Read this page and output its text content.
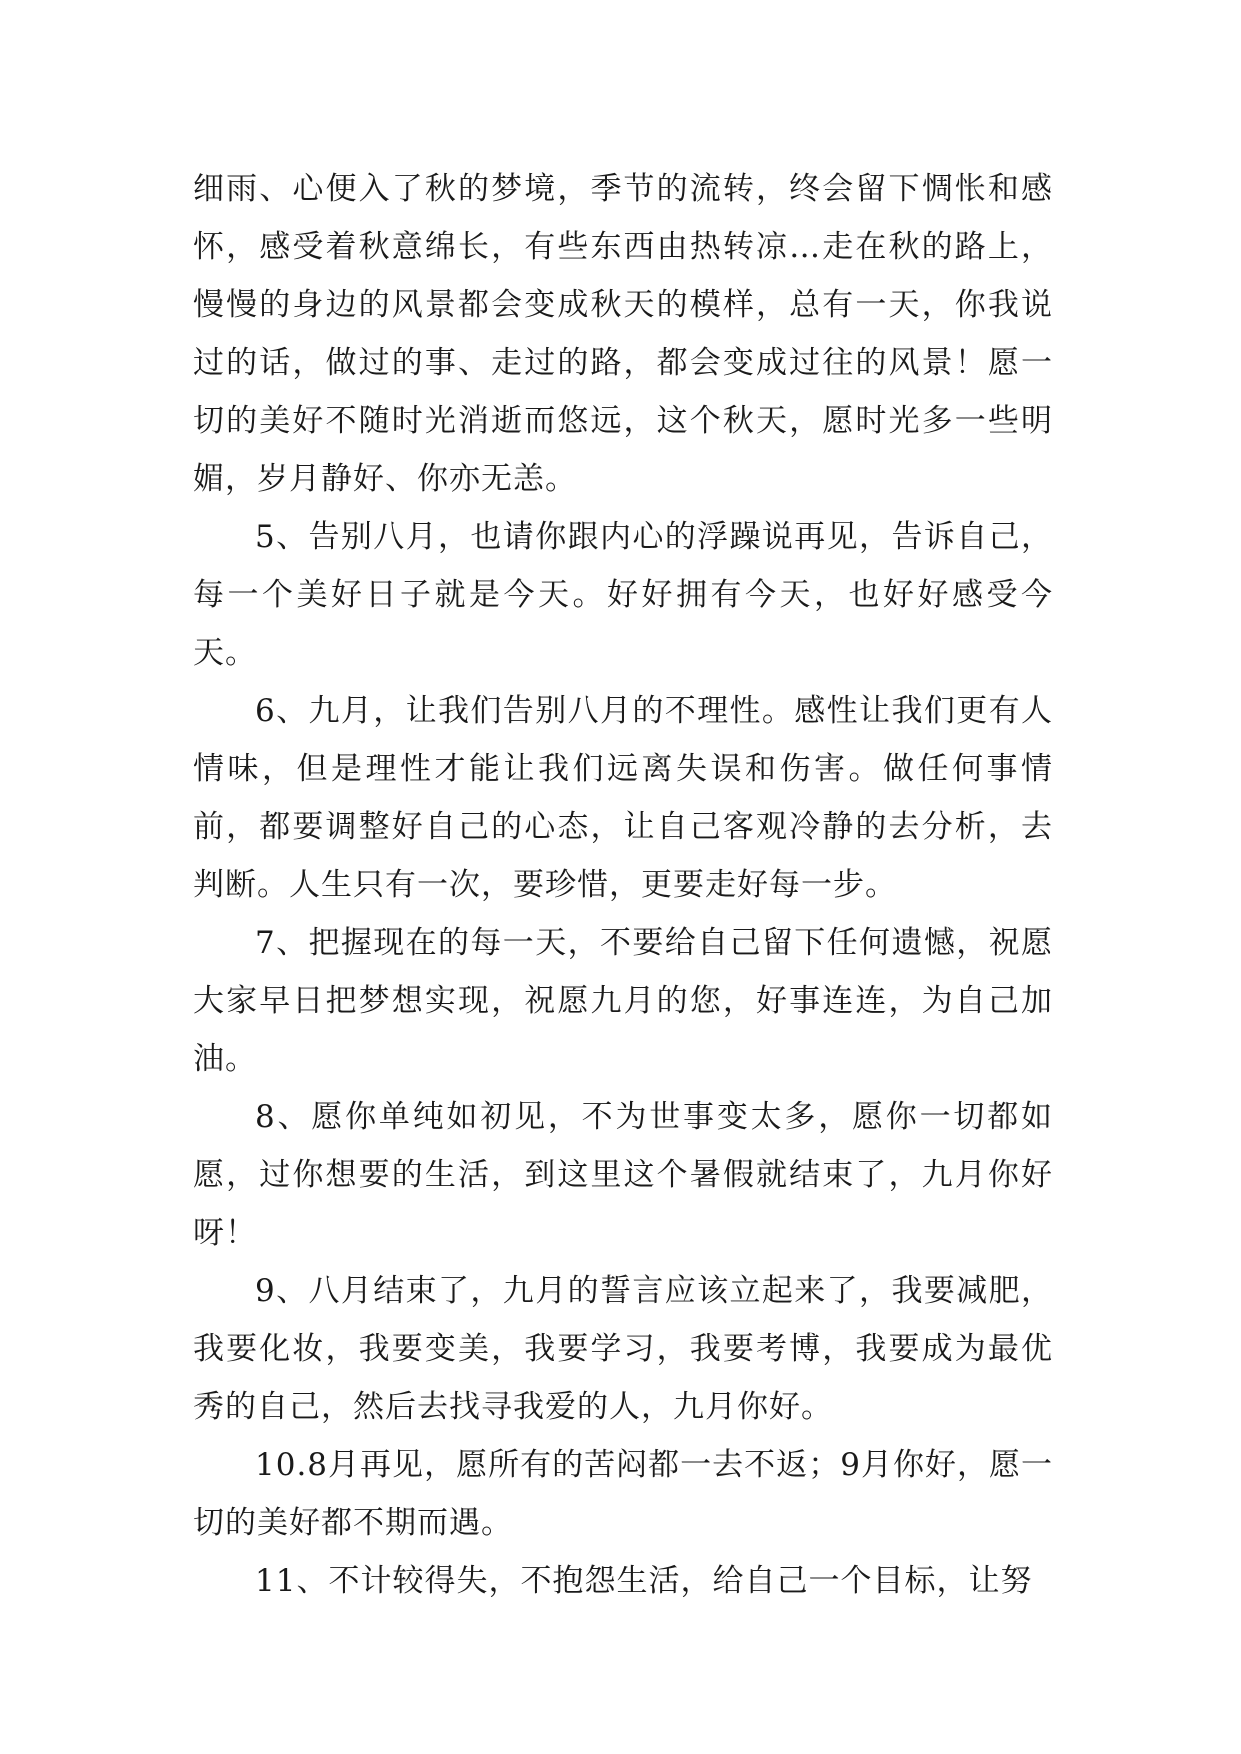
细雨、心便入了秋的梦境，季节的流转，终会留下惆怅和感怀，感受着秋意绵长，有些东西由热转凉…走在秋的路上，慢慢的身边的风景都会变成秋天的模样，总有一天，你我说过的话，做过的事、走过的路，都会变成过往的风景！愿一切的美好不随时光消逝而悠远，这个秋天，愿时光多一些明媚，岁月静好、你亦无恙。

5、告别八月，也请你跟内心的浮躁说再见，告诉自己，每一个美好日子就是今天。好好拥有今天，也好好感受今天。

6、九月，让我们告别八月的不理性。感性让我们更有人情味，但是理性才能让我们远离失误和伤害。做任何事情前，都要调整好自己的心态，让自己客观冷静的去分析，去判断。人生只有一次，要珍惜，更要走好每一步。

7、把握现在的每一天，不要给自己留下任何遗憾，祝愿大家早日把梦想实现，祝愿九月的您，好事连连，为自己加油。

8、愿你单纯如初见，不为世事变太多，愿你一切都如愿，过你想要的生活，到这里这个暑假就结束了，九月你好呀！

9、八月结束了，九月的誓言应该立起来了，我要减肥，我要化妆，我要变美，我要学习，我要考博，我要成为最优秀的自己，然后去找寻我爱的人，九月你好。

10.8月再见，愿所有的苦闷都一去不返；9月你好，愿一切的美好都不期而遇。

11、不计较得失，不抱怨生活，给自己一个目标，让努
